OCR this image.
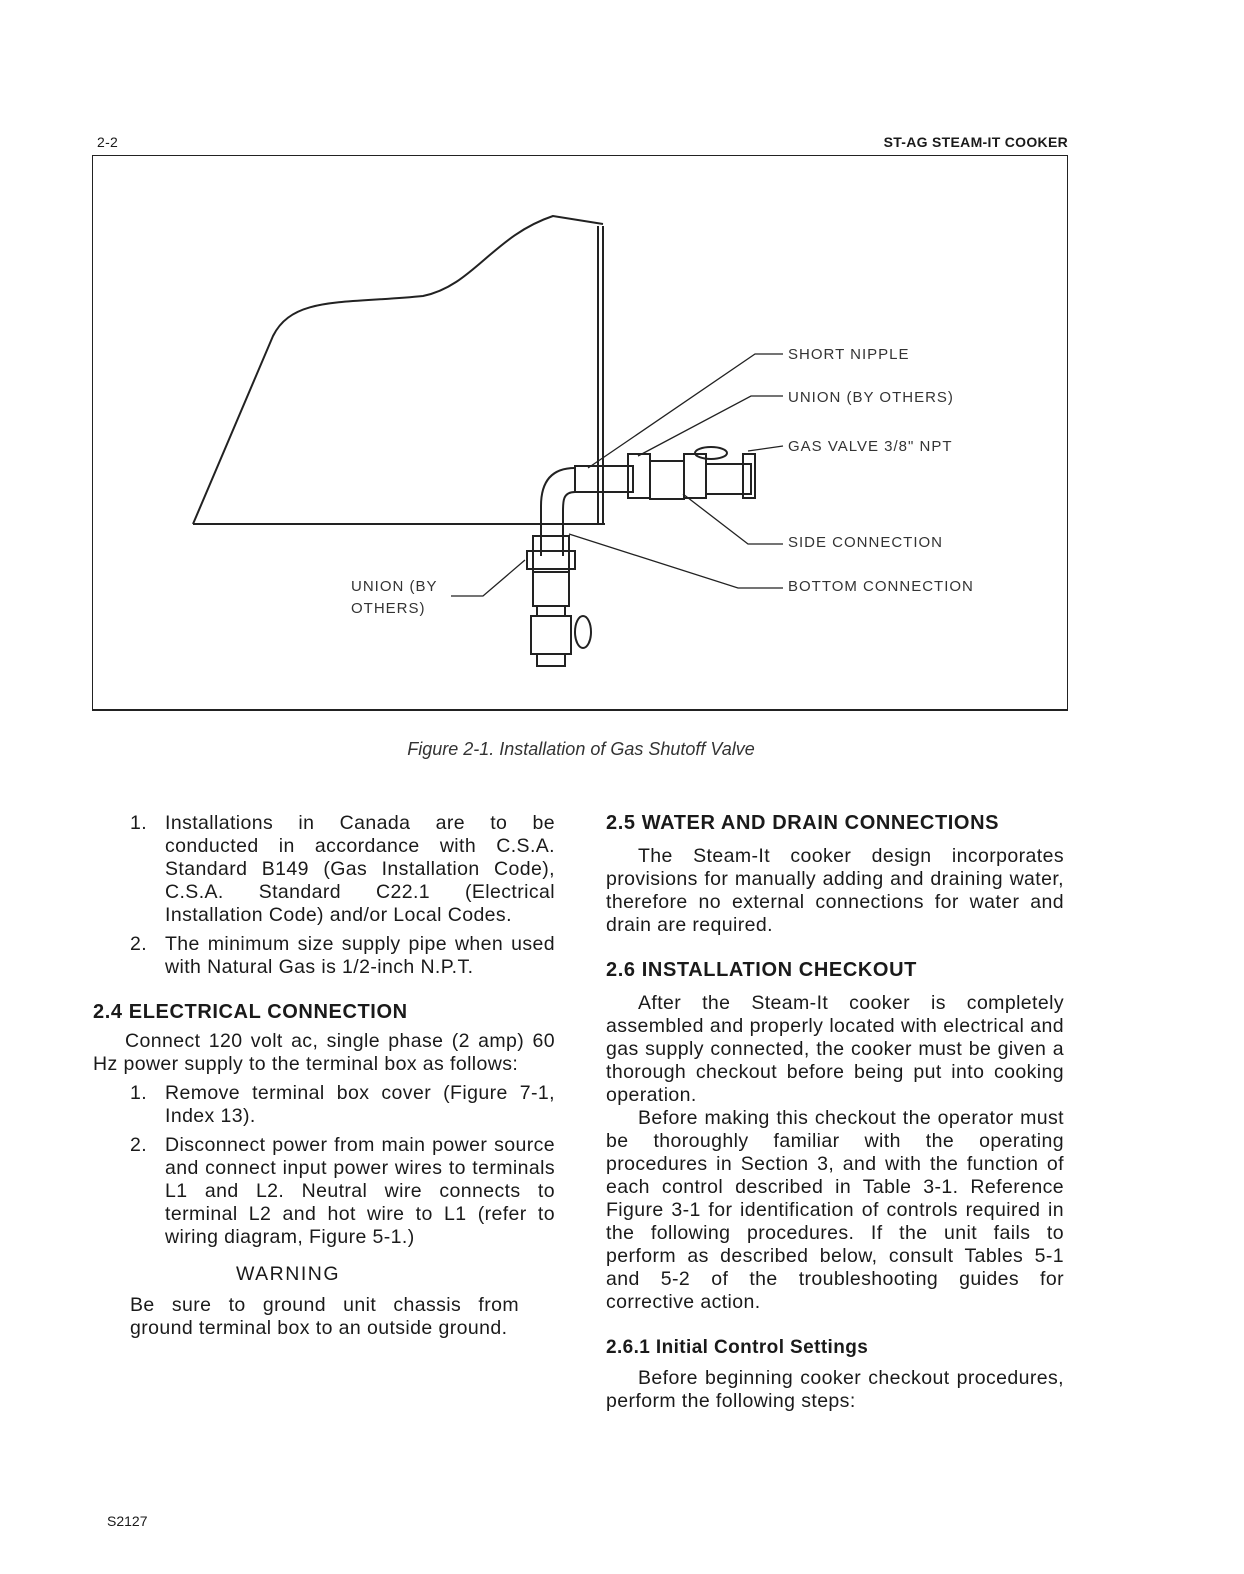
2-2	ST-AG STEAM-IT COOKER
SHORT NIPPLE
UNION (BY OTHERS)
GAS VALVE 3/8" NPT
SIDE CONNECTION
BOTTOM CONNECTION
UNION (BY
OTHERS)
Figure 2-1. Installation of Gas Shutoff Valve
1. Installations in Canada are to be conducted in accordance with C.S.A. Standard B149 (Gas Installation Code), C.S.A. Standard C22.1 (Electrical Installation Code) and/or Local Codes.
2. The minimum size supply pipe when used with Natural Gas is 1/2-inch N.P.T.
2.4 ELECTRICAL CONNECTION

Connect 120 volt ac, single phase (2 amp) 60 Hz power supply to the terminal box as follows:

1. Remove terminal box cover (Figure 7-1, Index 13).
2. Disconnect power from main power source and connect input power wires to terminals L1 and L2. Neutral wire connects to terminal L2 and hot wire to L1 (refer to wiring diagram, Figure 5-1.)
WARNING

Be sure to ground unit chassis from ground terminal box to an outside ground.

2.5 WATER AND DRAIN CONNECTIONS

The Steam-It cooker design incorporates provisions for manually adding and draining water, therefore no external connections for water and drain are required.

2.6 INSTALLATION CHECKOUT

After the Steam-It cooker is completely assembled and properly located with electrical and gas supply connected, the cooker must be given a thorough checkout before being put into cooking operation.

Before making this checkout the operator must be thoroughly familiar with the operating procedures in Section 3, and with the function of each control described in Table 3-1. Reference Figure 3-1 for identification of controls required in the following procedures. If the unit fails to perform as described below, consult Tables 5-1 and 5-2 of the troubleshooting guides for corrective action.

2.6.1 Initial Control Settings

Before beginning cooker checkout procedures, perform the following steps:

S2127
